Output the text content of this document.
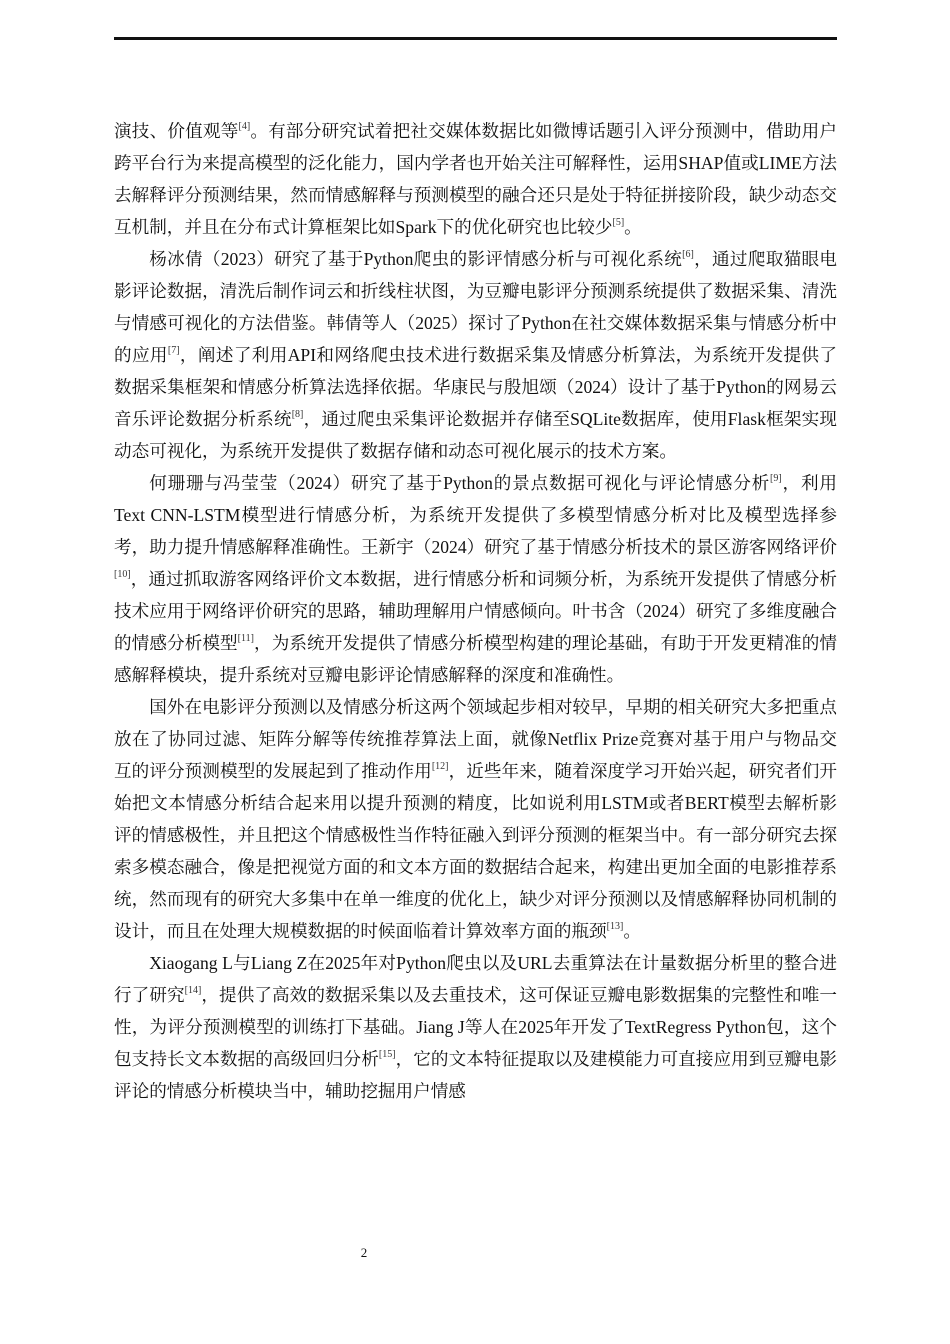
演技、价值观等[4]。有部分研究试着把社交媒体数据比如微博话题引入评分预测中，借助用户跨平台行为来提高模型的泛化能力，国内学者也开始关注可解释性，运用SHAP值或LIME方法去解释评分预测结果，然而情感解释与预测模型的融合还只是处于特征拼接阶段，缺少动态交互机制，并且在分布式计算框架比如Spark下的优化研究也比较少[5]。

杨冰倩（2023）研究了基于Python爬虫的影评情感分析与可视化系统[6]，通过爬取猫眼电影评论数据，清洗后制作词云和折线柱状图，为豆瓣电影评分预测系统提供了数据采集、清洗与情感可视化的方法借鉴。韩倩等人（2025）探讨了Python在社交媒体数据采集与情感分析中的应用[7]，阐述了利用API和网络爬虫技术进行数据采集及情感分析算法，为系统开发提供了数据采集框架和情感分析算法选择依据。华康民与殷旭颂（2024）设计了基于Python的网易云音乐评论数据分析系统[8]，通过爬虫采集评论数据并存储至SQLite数据库，使用Flask框架实现动态可视化，为系统开发提供了数据存储和动态可视化展示的技术方案。

何珊珊与冯莹莹（2024）研究了基于Python的景点数据可视化与评论情感分析[9]，利用Text CNN-LSTM模型进行情感分析，为系统开发提供了多模型情感分析对比及模型选择参考，助力提升情感解释准确性。王新宇（2024）研究了基于情感分析技术的景区游客网络评价[10]，通过抓取游客网络评价文本数据，进行情感分析和词频分析，为系统开发提供了情感分析技术应用于网络评价研究的思路，辅助理解用户情感倾向。叶书含（2024）研究了多维度融合的情感分析模型[11]，为系统开发提供了情感分析模型构建的理论基础，有助于开发更精准的情感解释模块，提升系统对豆瓣电影评论情感解释的深度和准确性。

国外在电影评分预测以及情感分析这两个领域起步相对较早，早期的相关研究大多把重点放在了协同过滤、矩阵分解等传统推荐算法上面，就像Netflix Prize竞赛对基于用户与物品交互的评分预测模型的发展起到了推动作用[12]，近些年来，随着深度学习开始兴起，研究者们开始把文本情感分析结合起来用以提升预测的精度，比如说利用LSTM或者BERT模型去解析影评的情感极性，并且把这个情感极性当作特征融入到评分预测的框架当中。有一部分研究去探索多模态融合，像是把视觉方面的和文本方面的数据结合起来，构建出更加全面的电影推荐系统，然而现有的研究大多集中在单一维度的优化上，缺少对评分预测以及情感解释协同机制的设计，而且在处理大规模数据的时候面临着计算效率方面的瓶颈[13]。

Xiaogang L与Liang Z在2025年对Python爬虫以及URL去重算法在计量数据分析里的整合进行了研究[14]，提供了高效的数据采集以及去重技术，这可保证豆瓣电影数据集的完整性和唯一性，为评分预测模型的训练打下基础。Jiang J等人在2025年开发了TextRegress Python包，这个包支持长文本数据的高级回归分析[15]，它的文本特征提取以及建模能力可直接应用到豆瓣电影评论的情感分析模块当中，辅助挖掘用户情感

2
